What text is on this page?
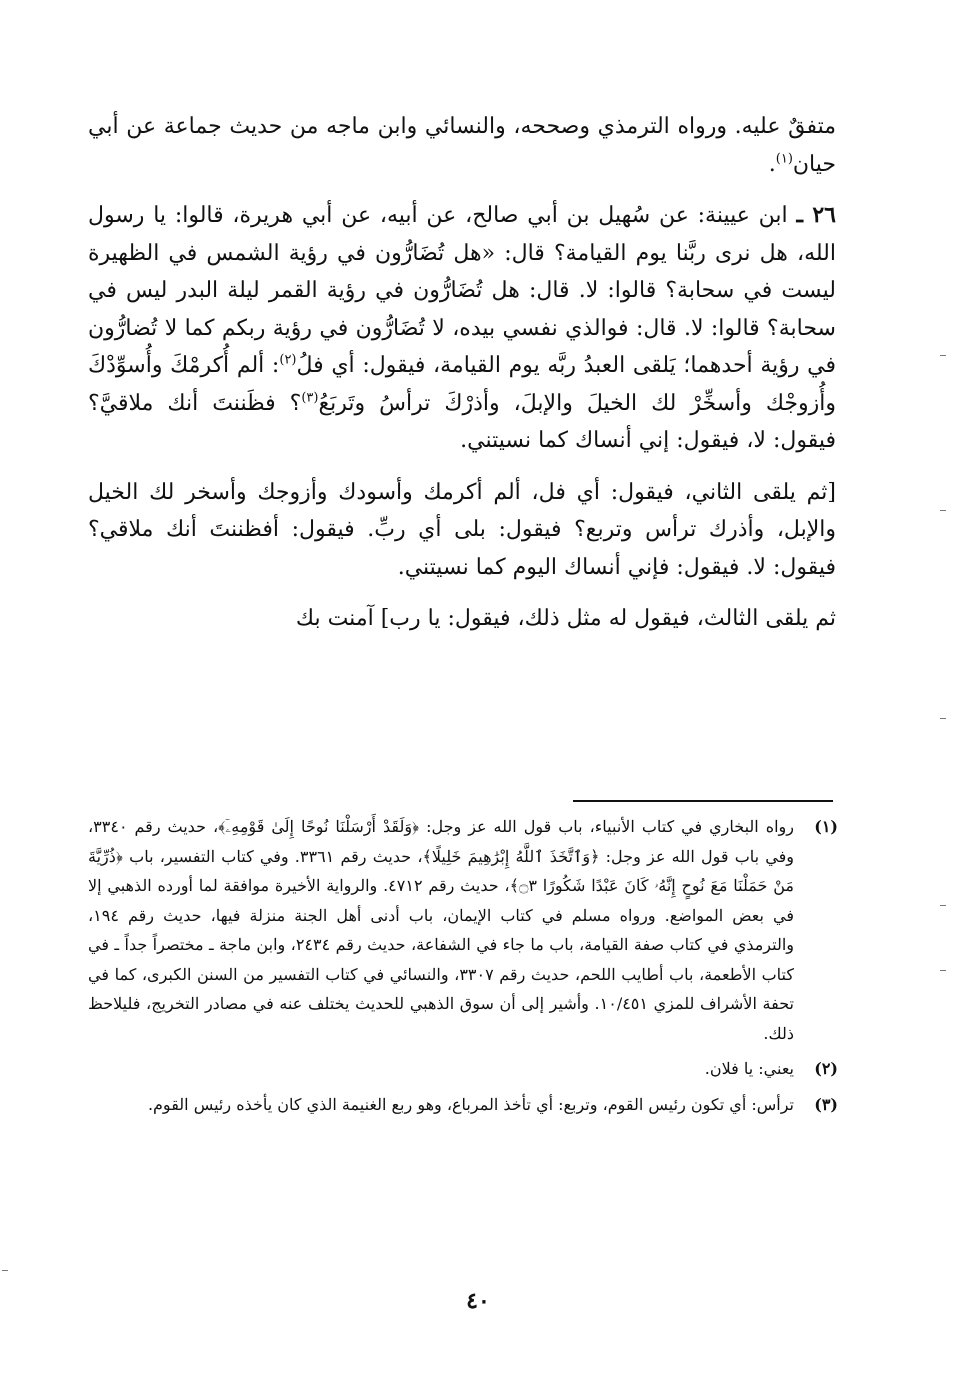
متفقٌ عليه. ورواه الترمذي وصححه، والنسائي وابن ماجه من حديث جماعة عن أبي حيان$^{(١)}$.

٢٦ ـ ابن عيينة: عن سُهيل بن أبي صالح، عن أبيه، عن أبي هريرة، قالوا: يا رسول الله، هل نرى ربَّنا يوم القيامة؟ قال: «هل تُضَارُّون في رؤية الشمس في الظهيرة ليست في سحابة؟ قالوا: لا. قال: هل تُضَارُّون في رؤية القمر ليلة البدر ليس في سحابة؟ قالوا: لا. قال: فوالذي نفسي بيده، لا تُضَارُّون في رؤية ربكم كما لا تُضارُّون في رؤية أحدهما؛ يَلقى العبدُ ربَّه يوم القيامة، فيقول: أي فلُ$^{(٢)}$: ألم أُكرمْكَ وأُسوِّدْكَ وأُزوجْك وأسخِّرْ لك الخيلَ والإبلَ، وأذرْكَ ترأسُ وتَربَعُ$^{(٣)}$؟ فظَننتَ أنك ملاقيَّ؟ فيقول: لا، فيقول: إني أنساك كما نسيتني.

[ثم يلقى الثاني، فيقول: أي فل، ألم أكرمك وأسودك وأزوجك وأسخر لك الخيل والإبل، وأذرك ترأس وتربع؟ فيقول: بلى أي ربِّ. فيقول: أفظننتَ أنك ملاقي؟ فيقول: لا. فيقول: فإني أنساك اليوم كما نسيتني.

ثم يلقى الثالث، فيقول له مثل ذلك، فيقول: يا رب] آمنت بك

(١)
رواه البخاري في كتاب الأنبياء، باب قول الله عز وجل: ﴿وَلَقَدْ أَرْسَلْنَا نُوحًا إِلَىٰ قَوْمِهِۦٓ﴾، حديث رقم ٣٣٤٠، وفي باب قول الله عز وجل: ﴿وَٱتَّخَذَ ٱللَّهُ إِبْرَٰهِيمَ خَلِيلًا﴾، حديث رقم ٣٣٦١. وفي كتاب التفسير، باب ﴿ذُرِّيَّةَ مَنْ حَمَلْنَا مَعَ نُوحٍ إِنَّهُۥ كَانَ عَبْدًا شَكُورًا ۝٣﴾، حديث رقم ٤٧١٢. والرواية الأخيرة موافقة لما أورده الذهبي إلا في بعض المواضع. ورواه مسلم في كتاب الإيمان، باب أدنى أهل الجنة منزلة فيها، حديث رقم ١٩٤، والترمذي في كتاب صفة القيامة، باب ما جاء في الشفاعة، حديث رقم ٢٤٣٤، وابن ماجة ـ مختصراً جداً ـ في كتاب الأطعمة، باب أطايب اللحم، حديث رقم ٣٣٠٧، والنسائي في كتاب التفسير من السنن الكبرى، كما في تحفة الأشراف للمزي ١٠/٤٥١. وأشير إلى أن سوق الذهبي للحديث يختلف عنه في مصادر التخريج، فليلاحظ ذلك.
(٢)
يعني: يا فلان.
(٣)
ترأس: أي تكون رئيس القوم، وتربع: أي تأخذ المرباع، وهو ربع الغنيمة الذي كان يأخذه رئيس القوم.
٤٠
